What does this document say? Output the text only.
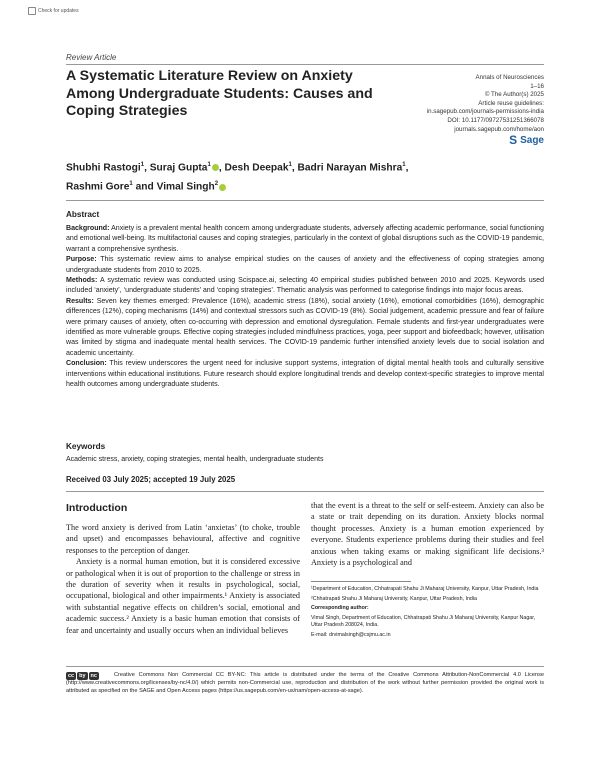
Check for updates
Review Article
A Systematic Literature Review on Anxiety Among Undergraduate Students: Causes and Coping Strategies
Annals of Neurosciences
1–16
© The Author(s) 2025
Article reuse guidelines:
in.sagepub.com/journals-permissions-india
DOI: 10.1177/09727531251366078
journals.sagepub.com/home/aon
S Sage
Shubhi Rastogi$^1$, Suraj Gupta$^1$ , Desh Deepak$^1$, Badri Narayan Mishra$^1$,
Rashmi Gore$^1$ and Vimal Singh$^2$
Abstract

Background: Anxiety is a prevalent mental health concern among undergraduate students, adversely affecting academic performance, social functioning and emotional well-being. Its multifactorial causes and coping strategies, particularly in the context of global disruptions such as the COVID-19 pandemic, warrant a comprehensive synthesis.

Purpose: This systematic review aims to analyse empirical studies on the causes of anxiety and the effectiveness of coping strategies among undergraduate students from 2010 to 2025.

Methods: A systematic review was conducted using Scispace.ai, selecting 40 empirical studies published between 2010 and 2025. Keywords used included ‘anxiety’, ‘undergraduate students’ and ‘coping strategies’. Thematic analysis was performed to categorise findings into major focus areas.

Results: Seven key themes emerged: Prevalence (16%), academic stress (18%), social anxiety (16%), emotional comorbidities (16%), demographic differences (12%), coping mechanisms (14%) and contextual stressors such as COVID-19 (8%). Social judgement, academic pressure and fear of failure were primary causes of anxiety, often co-occurring with depression and emotional dysregulation. Female students and first-year undergraduates were identified as more vulnerable groups. Effective coping strategies included mindfulness practices, yoga, peer support and biofeedback; however, utilisation was limited by stigma and inadequate mental health services. The COVID-19 pandemic further intensified anxiety levels due to social isolation and academic uncertainty.

Conclusion: This review underscores the urgent need for inclusive support systems, integration of digital mental health tools and culturally sensitive interventions within educational institutions. Future research should explore longitudinal trends and develop context-specific strategies to improve mental health outcomes among undergraduate students.

Keywords
Academic stress, anxiety, coping strategies, mental health, undergraduate students
Received 03 July 2025; accepted 19 July 2025
Introduction

The word anxiety is derived from Latin ‘anxietas’ (to choke, trouble and upset) and encompasses behavioural, affective and cognitive responses to the perception of danger.

Anxiety is a normal human emotion, but it is considered excessive or pathological when it is out of proportion to the challenge or stress in the duration of severity when it results in psychological, social, occupational, biological and other impairments.¹ Anxiety is associated with substantial negative effects on children’s social, emotional and academic success.² Anxiety is a basic human emotion that consists of fear and uncertainty and usually occurs when an individual believes

that the event is a threat to the self or self-esteem. Anxiety can also be a state or trait depending on its duration. Anxiety blocks normal thought processes. Anxiety is a human emotion experienced by everyone. Students experience problems during their studies and feel anxious when taking exams or making significant life decisions.³ Anxiety is a psychological and

¹Department of Education, Chhatrapati Shahu Ji Maharaj University, Kanpur, Uttar Pradesh, India

²Chhatrapati Shahu Ji Maharaj University, Kanpur, Uttar Pradesh, India

Corresponding author:

Vimal Singh, Department of Education, Chhatrapati Shahu Ji Maharaj University, Kanpur Nagar, Uttar Pradesh 208024, India.

E-mail: drvimalsingh@csjmu.ac.in

cc by nc	Creative Commons Non Commercial CC BY-NC: This article is distributed under the terms of the Creative Commons Attribution-NonCommercial 4.0 License (http://www.creativecommons.org/licenses/by-nc/4.0/) which permits non-Commercial use, reproduction and distribution of the work without further permission provided the original work is attributed as specified on the SAGE and Open Access pages (https://us.sagepub.com/en-us/nam/open-access-at-sage).
